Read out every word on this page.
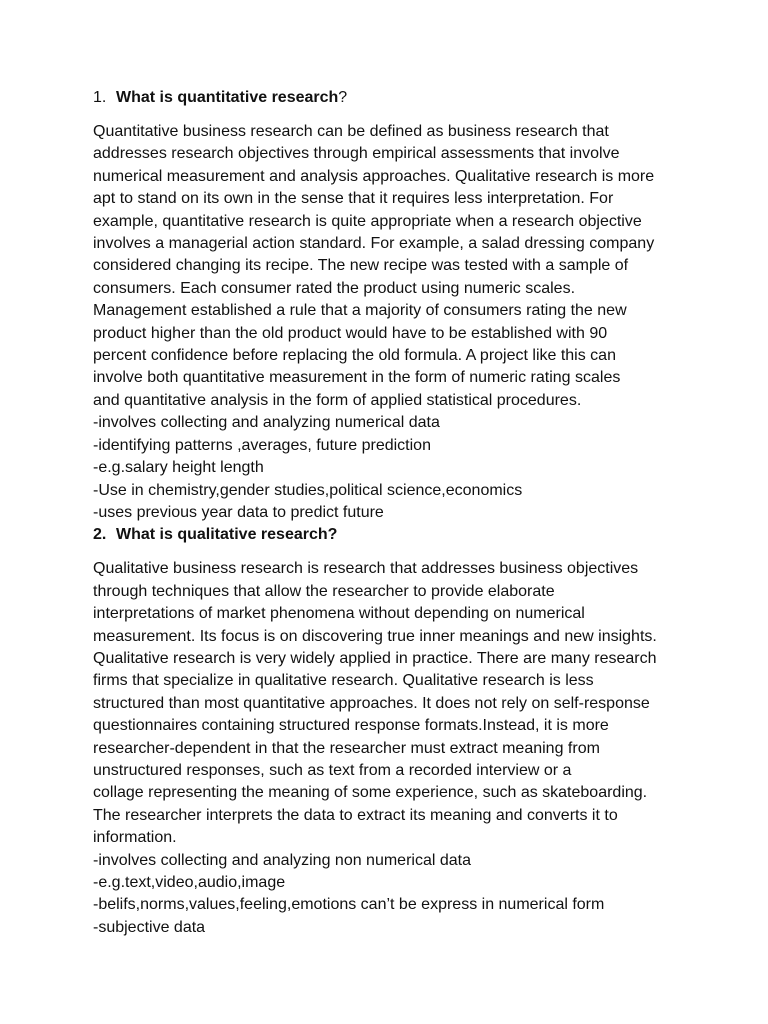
1. What is quantitative research?

Quantitative business research can be defined as business research that

addresses research objectives through empirical assessments that involve

numerical measurement and analysis approaches. Qualitative research is more

apt to stand on its own in the sense that it requires less interpretation. For

example, quantitative research is quite appropriate when a research objective

involves a managerial action standard. For example, a salad dressing company

considered changing its recipe. The new recipe was tested with a sample of

consumers. Each consumer rated the product using numeric scales.

Management established a rule that a majority of consumers rating the new

product higher than the old product would have to be established with 90

percent confidence before replacing the old formula. A project like this can

involve both quantitative measurement in the form of numeric rating scales

and quantitative analysis in the form of applied statistical procedures.

-involves collecting and analyzing numerical data

-identifying patterns ,averages, future prediction

-e.g.salary height length

-Use in chemistry,gender studies,political science,economics

-uses previous year data to predict future

2. What is qualitative research?

Qualitative business research is research that addresses business objectives

through techniques that allow the researcher to provide elaborate

interpretations of market phenomena without depending on numerical

measurement. Its focus is on discovering true inner meanings and new insights.

Qualitative research is very widely applied in practice. There are many research

firms that specialize in qualitative research. Qualitative research is less

structured than most quantitative approaches. It does not rely on self-response

questionnaires containing structured response formats.Instead, it is more

researcher-dependent in that the researcher must extract meaning from

unstructured responses, such as text from a recorded interview or a

collage representing the meaning of some experience, such as skateboarding.

The researcher interprets the data to extract its meaning and converts it to

information.

-involves collecting and analyzing non numerical data

-e.g.text,video,audio,image

-belifs,norms,values,feeling,emotions can’t be express in numerical form

-subjective data
